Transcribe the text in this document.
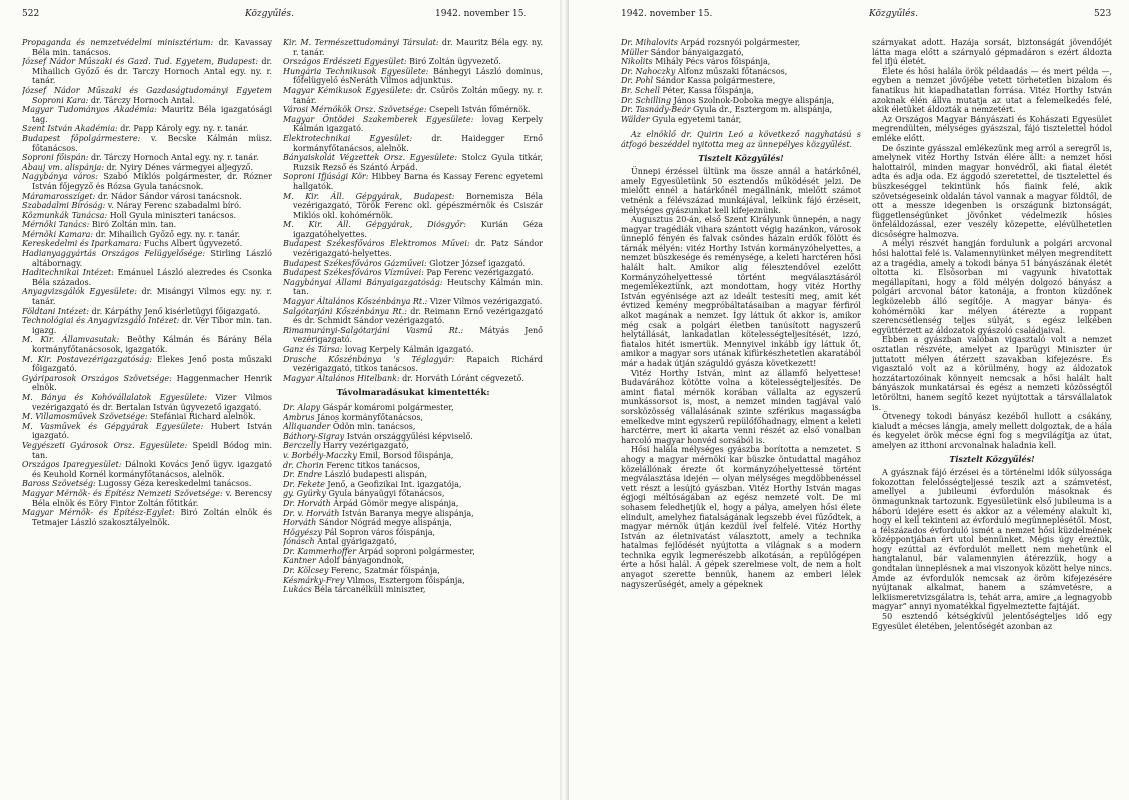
522	Közgyűlés.	1942. november 15.

Propaganda és nemzetvédelmi minisztérium: dr. Kavassay Béla min. tanácsos.

József Nádor Műszaki és Gazd. Tud. Egyetem, Budapest: dr. Mihailich Győző és dr. Tarczy Hornoch Antal egy. ny. r. tanár.

József Nádor Műszaki és Gazdaságtudományi Egyetem Soproni Kara: dr. Tárczy Hornoch Antal.

Magyar Tudományos Akadémia: Mauritz Béla igazgatósági tag.

Szent István Akadémia: dr. Papp Károly egy. ny. r. tanár.

Budapest főpolgármestere: v. Becske Kálmán müsz. főtanácsos.

Soproni főispán: dr. Tárczy Hornoch Antal egy. ny. r. tanár.

Abauj vm. alispánja: dr. Nyiry Dénes vármegyei aljegyző.

Nagybánya város: Szabó Miklós polgármester, dr. Rózner István főjegyző és Rózsa Gyula tanácsnok.

Máramarosszíget: dr. Nádor Sándor városi tanácsnok.

Szabadalmi Bíróság: v. Náray Ferenc szabadalmi bíró.

Közmunkák Tanácsa: Holl Gyula miniszteri tanácsos.

Mérnöki Tanács: Biró Zoltán min. tan.

Mérnöki Kamara: dr. Mihailich Győző egy. ny. r. tanár.

Kereskedelmi és Iparkamara: Fuchs Albert ügyvezető.

Hadianyaggyártás Országos Felügyelősége: Stirling László altábornagy.

Haditechnikai Intézet: Emánuel László alezredes és Csonka Béla százados.

Anyagvizsgálók Egyesülete: dr. Misángyi Vilmos egy. ny. r. tanár.

Földtani Intézet: dr. Kárpáthy Jenő kisérletügyi főigazgató.

Technológiai és Anyagvizsgáló Intézet: dr. Vér Tibor min. tan. igazg.

M. Kir. Államvasutak: Beöthy Kálmán és Bárány Béla kormányfőtanácsosok, igazgatók.

M. Kir. Postavezérigazgatóság: Elekes Jenő posta műszaki főigazgató.

Gyáriparosok Országos Szövetsége: Haggenmacher Henrik elnök.

M. Bánya és Kohóvállalatok Egyesülete: Vizer Vilmos vezérigazgató és dr. Bertalan István ügyvezető igazgató.

M. Villamosművek Szövetsége: Stefániai Richard alelnök.

M. Vasművek és Gépgyárak Egyesülete: Hubert István igazgató.

Vegyészeti Gyárosok Orsz. Egyesülete: Speidl Bódog min. tan.

Országos Iparegyesület: Dálnoki Kovács Jenő ügyv. igazgató és Keuhold Kornél kormányfőtanácsos, alelnök.

Baross Szövetség: Lugossy Géza kereskedelmi tanácsos.

Magyar Mérnök- és Építész Nemzeti Szövetsége: v. Berencsy Béla elnök és Eöry Fintor Zoltán főtitkár.

Magyar Mérnök- és Építész-Egylet: Biró Zoltán elnök és Tetmajer László szakosztályelnök.

Kir. M. Természettudományi Társulat: dr. Mauritz Béla egy. ny. r. tanár.

Országos Erdészeti Egyesület: Biró Zoltán ügyvezető.

Hungária Technikusok Egyesülete: Bánhegyi László dominus, főfelügyelő ésNeráth Vilmos adjunktus.

Magyar Kémikusok Egyesülete: dr. Csűrös Zoltán műegy. ny. r. tanár.

Városi Mérnökök Orsz. Szövetsége: Csepeli István főmérnök.

Magyar Öntödei Szakemberek Egyesülete: lovag Kerpely Kálmán igazgató.

Elektrotechnikai Egyesület: dr. Haidegger Ernő kormányfőtanácsos, alelnök.

Bányaiskolát Végzettek Orsz. Egyesülete: Stolcz Gyula titkár, Ruzsik Rezső és Szántó Árpád.

Soproni Ifjúsági Kör: Hibbey Barna és Kassay Ferenc egyetemi hallgatók.

M. Kir. Áll. Gépgyárak, Budapest: Bornemisza Béla vezérigazgató, Török Ferenc okl. gépészmérnök és Csiszár Miklós okl. kohómérnök.

M. Kir. Áll. Gépgyárak, Diósgyőr: Kurián Géza igazgatóhelyettes.

Budapest Székesfőváros Elektromos Művei: dr. Patz Sándor vezérigazgató-helyettes.

Budapest Székesfőváros Gázművei: Glotzer József igazgató.

Budapest Székesfőváros Vízművei: Pap Ferenc vezérigazgató.

Nagybányai Állami Bányaigazgatóság: Heutschy Kálmán min. tan.

Magyar Általános Kőszénbánya Rt.: Vizer Vilmos vezérigazgató.

Salgótarjáni Kőszénbánya Rt.: dr. Reimann Ernő vezérigazgató és dr. Schmidt Sándor vezérigazgató.

Rimamurányi-Salgótarjáni Vasmű Rt.: Mátyás Jenő vezérigazgató.

Ganz és Társa: lovag Kerpely Kálmán igazgató.

Drasche Kőszénbánya 's Téglagyár: Rapaich Richárd vezérigazgató, titkos tanácsos.

Magyar Általános Hitelbank: dr. Horváth Lóránt cégvezető.

Távolmaradásukat kimentették:

Dr. Alapy Gáspár komáromi polgármester,

Ambrus János kormányfőtanácsos,

Alliquander Ödön min. tanácsos,

Báthory-Sigray István országgyűlési képviselő.

Berczelly Harry vezérigazgató,

v. Borbély-Maczky Emil, Borsod főispánja,

dr. Chorin Ferenc titkos tanácsos,

Dr. Endre László budapesti alispán,

Dr. Fekete Jenő, a Geofizikai Int. igazgatója,

gy. Gyürky Gyula bányaügyi főtanácsos,

Dr. Horváth Árpád Gömör megye alispánja,

Dr. v. Horváth István Baranya megye alispánja,

Horváth Sándor Nógrád megye alispánja,

Högyészy Pál Sopron város főispánja,

Jónásch Antal gyárigazgató,

Dr. Kammerhoffer Árpád soproni polgármester,

Kantner Adolf bányagondnok,

Dr. Kölcsey Ferenc, Szatmár főispánja,

Késmárky-Frey Vilmos, Esztergom főispánja,

Lukács Béla tárcanélküli miniszter,

1942. november 15.	Közgyűlés.	523

Dr. Mihalovits Árpád rozsnyói polgármester,

Müller Sándor bányaigazgató,

Nikolits Mihály Pécs város főispánja,

Dr. Nahoczky Alfonz műszaki főtanácsos,

Dr. Pohl Sándor Kassa polgármestere,

Br. Schell Péter, Kassa főispánja,

Dr. Schilling János Szolnok-Doboka megye alispánja,

Dr. Tasnády-Beár Gyula dr., Esztergom m. alispánja,

Wälder Gyula egyetemi tanár,

Az elnöklő dr. Quirin Leó a következő nagyhatású s átfogó beszéddel nyitotta meg az ünnepélyes közgyűlést.

Tisztelt Közgyűlés!

Ünnepi érzéssel ültünk ma össze annál a határkőnél, amely Egyesületünk 50 esztendős működését jelzi. De mielőtt ennél a határkőnél megállnánk, mielőtt számot vetnénk a félévszázad munkájával, lelkünk fájó érzéseit, mélységes gyászunkat kell kifejeznünk.

Augusztus 20-án, első Szent Királyunk ünnepén, a nagy magyar tragédiák vihara szántott végig hazánkon, városok ünneplő fényén és falvak csöndes házain erdők fölött és tárnák mélyén: vitéz Horthy István kormányzóhelyettes, a nemzet büszkesége és reménysége, a keleti harctéren hősi halált halt. Amikor alig félesztendővel ezelőtt Kormányzóhelyettessé történt megválasztásáról megemlékeztünk, azt mondottam, hogy vitéz Horthy István egyénisége azt az ideált testesíti meg, amit két évtized kemény megpróbáltatásaiban a magyar férfiról alkot magának a nemzet. Így láttuk őt akkor is, amikor még csak a polgári életben tanúsított nagyszerű helytállását, lankadatlan kötelességteljesítését, izzó, fiatalos hitét ismertük. Mennyivel inkább így láttuk őt, amikor a magyar sors utának kifürkészhetetlen akaratából már a hadak útján száguldó gyásza következett!

Vitéz Horthy István, mint az államfő helyettese! Budavárához kötötte volna a kötelességteljesítés. De amint fiatal mérnök korában vállalta az egyszerű munkássorsot is, most, a nemzet minden tagjával való sorsközösség vállalásának szinte szférikus magasságba emelkedve mint egyszerű repülőfőhadnagy, elment a keleti harctérre, mert ki akarta venni részét az első vonalban harcoló magyar honvéd sorsából is.

Hősi halála mélységes gyászba borította a nemzetet. S ahogy a magyar mérnöki kar büszke öntudattal magához közelállónak érezte őt kormányzóhelyettessé történt megválasztása idején — olyan mélységes megdöbbenéssel vett részt a lesújtó gyászban. Vitéz Horthy István magas égjogi méltóságában az egész nemzeté volt. De mi sohasem feledhetjük el, hogy a pálya, amelyen hősi élete elindult, amelyhez fiatalságának legszebb évei fűződtek, a magyar mérnök útján kezdül ível felfelé. Vitéz Horthy István az életnivatást választott, amely a technika hatalmas fejlődését nyújtotta a világnak s a modern technika egyik legmerészebb alkotásán, a repülőgépen érte a hősi halál. A gépek szerelmese volt, de nem a holt anyagot szerette bennük, hanem az emberi lélek nagyszerűségét, amely a gépeknek

szárnyakat adott. Hazája sorsát, biztonságát jövendőjét látta maga előtt a szárnyaló gépmadáron s ezért áldozta fel ifjú életét.

Élete és hősi halála örök példaadás — és mert példa —, egyben a nemzet jövőjébe vetett törhetetlen bizalom és fanatikus hit kiapadhatatlan forrása. Vitéz Horthy István azoknak élén állva mutatja az utat a felemelkedés felé, akik életüket áldozták a nemzetért.

Az Országos Magyar Bányászati és Kohászati Egyesület megrendülten, mélységes gyászszal, fájó tisztelettel hódol emléke előtt.

De őszinte gyásszal emlékezünk meg arról a seregről is, amelynek vitéz Horthy István élére állt: a nemzet hősi halottairól, minden magyar honvédről, aki fiatal életét adta és adja oda. Ez ággodó szeretettel, de tisztelettel és büszkeséggel tekintünk hős fiaink felé, akik szövetségeseink oldalán távol vannak a magyar földtől, de ott a messze idegenben is országunk biztonságát, függetlenségünket jövőnket védelmezik hősies önfeláldozással, ezer veszély közepette, elévülhetetlen dicsőségre halmozva.

A mélyi részvét hangján fordulunk a polgári arcvonal hősi halottai felé is. Valamennyiünket mélyen megrendített az a tragédia, amely a tokodi bánya 51 bányászának életét oltotta ki. Elsősorban mi vagyunk hivatottak megállapítani, hogy a föld mélyén dolgozó bányász a polgári arcvonal bátor katonája, a fronton küzdőnek legközelebb álló segítője. A magyar bánya- és kohómérnöki kar mélyen átérezte a roppant szerencsétlenség teljes súlyát, s egész lelkében együttérzett az áldozatok gyászoló családjaival.

Ebben a gyászban valóban vigasztaló volt a nemzet osztatlan részvéte, amelyet az Iparügyi Miniszter úr juttatott mélyen átérzett szavakban kifejezésre. És vigasztaló volt az a körülmény, hogy az áldozatok hozzátartozóinak könnyeit nemcsak a hősi halált halt bányászok munkatársai és egész a nemzeti közösségtől letöröltni, hanem segítő kezet nyújtottak a társvállalatok is.

Ötvenegy tokodi bányász kezéből hullott a csákány, kialudt a mécses lángja, amely mellett dolgoztak, de a hála és kegyelet örök mécse égni fog s megvilágítja az útat, amelyen az itthoni arcvonalnak haladnia kell.

Tisztelt Közgyűlés!

A gyásznak fájó érzései és a történelmi idők súlyossága fokozottan felelősségteljessé teszik azt a számvetést, amellyel a jubileumi évfordulón másoknak és önmagunknak tartozunk. Egyesületünk első jubileuma is a háború idejére esett és akkor az a vélemény alakult ki, hogy el kell tekinteni az évforduló megünneplésétől. Most, a félszázados évforduló ismét a nemzet hősi küzdelmének középpontjában ért utol bennünket. Mégis úgy éreztük, hogy ezúttal az évfordulót mellett nem mehetünk el hangtalanul, bár valamennyien átérezzük, hogy a gondtalan ünneplésnek a mai viszonyok között helye nincs. Ámde az évfordulók nemcsak az öröm kifejezésére nyújtanak alkalmat, hanem a számvetésre, a lelkiismeretvizsgálatra is, tehát arra, amire „a legnagyobb magyar” annyi nyomatékkal figyelmeztette fajtáját.

50 esztendő kétségkívül jelentőségteljes idő egy Egyesület életében, jelentőségét azonban az
